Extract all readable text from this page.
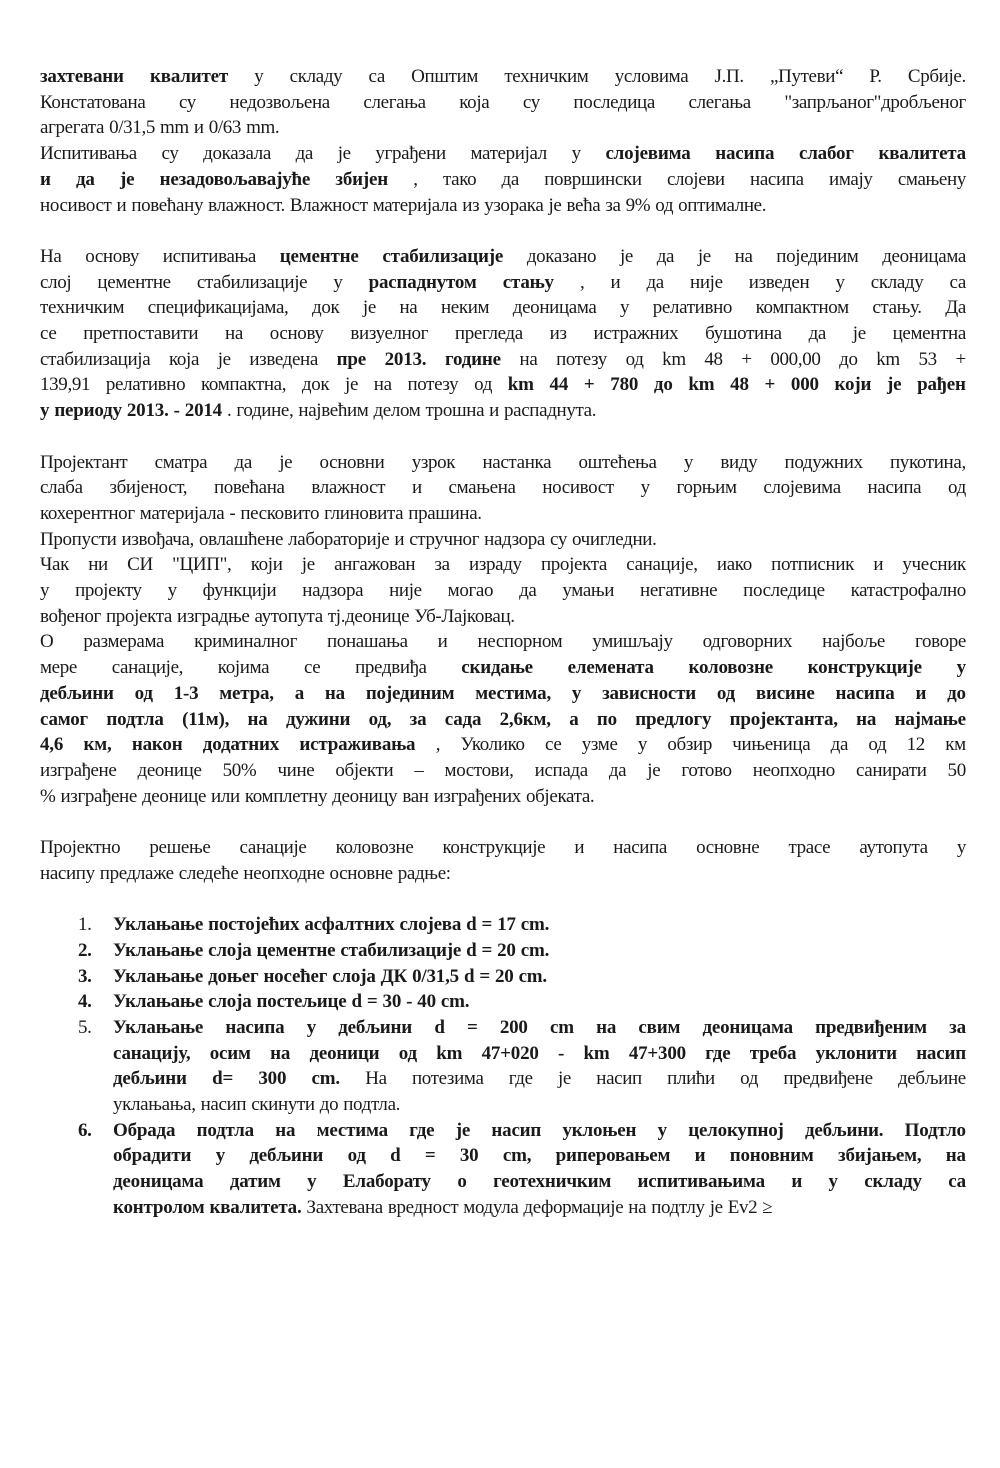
захтевани квалитет у складу са Општим техничким условима Ј.П. „Путеви“ Р. Србије.
Констатована су недозвољена слегања која су последица слегања "запрљаног"дробљеног
агрегата 0/31,5 mm и 0/63 mm.
Испитивања су доказала да је уграђени материјал у слојевима насипа слабог квалитета
и да је незадовољавајуће збијен , тако да површински слојеви насипа имају смањену
носивост и повећану влажност. Влажност материјала из узорака је већа за 9% од оптималне.
На основу испитивања цементне стабилизације доказано је да је на појединим деоницама
слој цементне стабилизације у распаднутом стању , и да није изведен у складу са
техничким спецификацијама, док је на неким деоницама у релативно компактном стању. Да
се претпоставити на основу визуелног прегледа из истражних бушотина да је цементна
стабилизација која је изведена пре 2013. године на потезу од km 48 + 000,00 до km 53 +
139,91 релативно компактна, док је на потезу од km 44 + 780 до km 48 + 000 који је рађен
у периоду 2013. - 2014 . године, највећим делом трошна и распаднута.
Пројектант сматра да је основни узрок настанка оштећења у виду подужних пукотина,
слаба збијеност, повећана влажност и смањена носивост у горњим слојевима насипа од
кохерентног материјала - песковито глиновита прашина.
Пропусти извођача, овлашћене лабораторије и стручног надзора су очигледни.
Чак ни СИ "ЦИП", који је ангажован за израду пројекта санације, иако потписник и учесник
у пројекту у функцији надзора није могао да умањи негативне последице катастрофално
вођеног пројекта изградње аутопута тј.деонице Уб-Лајковац.
О размерама криминалног понашања и неспорном умишљају одговорних најбоље говоре
мере санације, којима се предвиђа скидање елемената коловозне конструкције у
дебљини од 1-3 метра, а на појединим местима, у зависности од висине насипа и до
самог подтла (11м), на дужини од, за сада 2,6км, а по предлогу пројектанта, на најмање
4,6 км, након додатних истраживања , Уколико се узме у обзир чињеница да од 12 км
изграђене деонице 50% чине објекти – мостови, испада да је готово неопходно санирати 50
% изграђене деонице или комплетну деоницу ван изграђених објеката.
Пројектно решење санације коловозне конструкције и насипа основне трасе аутопута у
насипу предлаже следеће неопходне основне радње:
1. Уклањање постојећих асфалтних слојева d = 17 cm.
2. Уклањање слоја цементне стабилизације d = 20 cm.
3. Уклањање доњег носећег слоја ДК 0/31,5 d = 20 cm.
4. Уклањање слоја постељице d = 30 - 40 cm.
5. Уклањање насипа у дебљини d = 200 cm на свим деоницама предвиђеним за
санацију, осим на деоници од km 47+020 - km 47+300 где треба уклонити насип
дебљини d= 300 cm. На потезима где је насип плићи од предвиђене дебљине
уклањања, насип скинути до подтла.
6. Обрада подтла на местима где је насип уклоњен у целокупној дебљини. Подтло
обрадити у дебљини од d = 30 cm, риперовањем и поновним збијањем, на
деоницама датим у Елаборату о геотехничким испитивањима и у складу са
контролом квалитета. Захтевана вредност модула деформације на подтлу је Ev2 ≥
